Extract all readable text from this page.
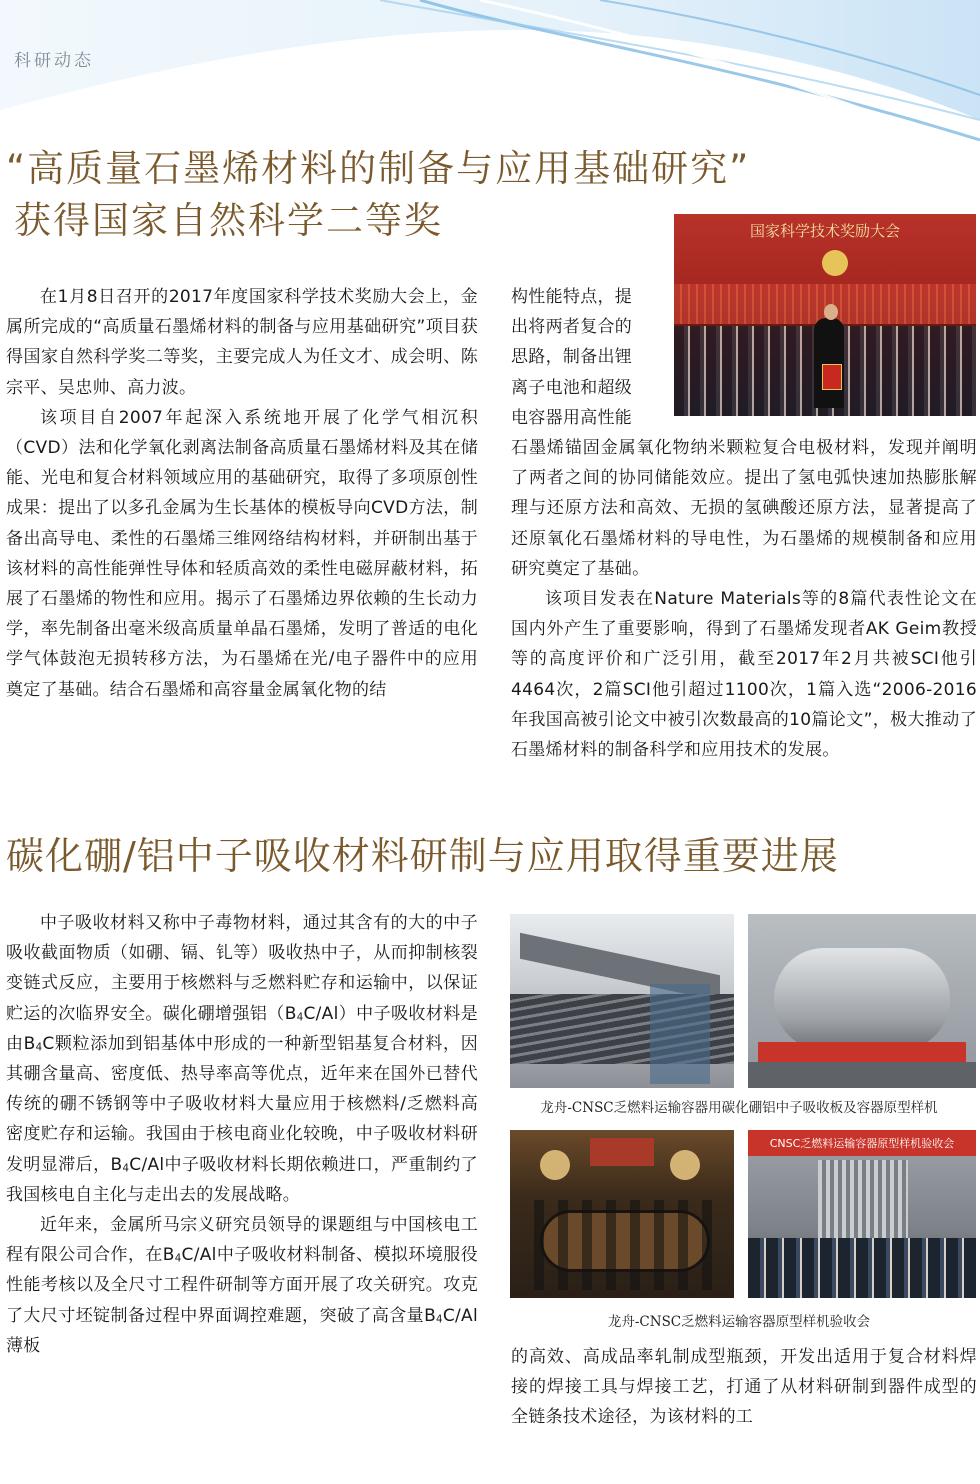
科研动态
“高质量石墨烯材料的制备与应用基础研究”
获得国家自然科学二等奖	国家科学技术奖励大会

在1月8日召开的2017年度国家科学技术奖励大会上，金属所完成的“高质量石墨烯材料的制备与应用基础研究”项目获得国家自然科学奖二等奖，主要完成人为任文才、成会明、陈宗平、吴忠帅、高力波。

该项目自2007年起深入系统地开展了化学气相沉积（CVD）法和化学氧化剥离法制备高质量石墨烯材料及其在储能、光电和复合材料领域应用的基础研究，取得了多项原创性成果：提出了以多孔金属为生长基体的模板导向CVD方法，制备出高导电、柔性的石墨烯三维网络结构材料，并研制出基于该材料的高性能弹性导体和轻质高效的柔性电磁屏蔽材料，拓展了石墨烯的物性和应用。揭示了石墨烯边界依赖的生长动力学，率先制备出毫米级高质量单晶石墨烯，发明了普适的电化学气体鼓泡无损转移方法，为石墨烯在光/电子器件中的应用奠定了基础。结合石墨烯和高容量金属氧化物的结

构性能特点，提
出将两者复合的
思路，制备出锂
离子电池和超级
电容器用高性能

石墨烯锚固金属氧化物纳米颗粒复合电极材料，发现并阐明了两者之间的协同储能效应。提出了氢电弧快速加热膨胀解理与还原方法和高效、无损的氢碘酸还原方法，显著提高了还原氧化石墨烯材料的导电性，为石墨烯的规模制备和应用研究奠定了基础。

该项目发表在Nature Materials等的8篇代表性论文在国内外产生了重要影响，得到了石墨烯发现者AK Geim教授等的高度评价和广泛引用，截至2017年2月共被SCI他引4464次，2篇SCI他引超过1100次，1篇入选“2006-2016年我国高被引论文中被引次数最高的10篇论文”，极大推动了石墨烯材料的制备科学和应用技术的发展。

碳化硼/铝中子吸收材料研制与应用取得重要进展

中子吸收材料又称中子毒物材料，通过其含有的大的中子吸收截面物质（如硼、镉、钆等）吸收热中子，从而抑制核裂变链式反应，主要用于核燃料与乏燃料贮存和运输中，以保证贮运的次临界安全。碳化硼增强铝$(B_4C/Al)$中子吸收材料是由$B_4C$颗粒添加到铝基体中形成的一种新型铝基复合材料，因其硼含量高、密度低、热导率高等优点，近年来在国外已替代传统的硼不锈钢等中子吸收材料大量应用于核燃料/乏燃料高密度贮存和运输。我国由于核电商业化较晚，中子吸收材料研发明显滞后，$B_4C/Al$中子吸收材料长期依赖进口，严重制约了我国核电自主化与走出去的发展战略。

近年来，金属所马宗义研究员领导的课题组与中国核电工程有限公司合作，在$B_4C/Al$中子吸收材料制备、模拟环境服役性能考核以及全尺寸工程件研制等方面开展了攻关研究。攻克了大尺寸坯锭制备过程中界面调控难题，突破了高含量$B_4C/Al$薄板

龙舟-CNSC乏燃料运输容器用碳化硼铝中子吸收板及容器原型样机
CNSC乏燃料运输容器原型样机验收会
龙舟-CNSC乏燃料运输容器原型样机验收会

的高效、高成品率轧制成型瓶颈，开发出适用于复合材料焊接的焊接工具与焊接工艺，打通了从材料研制到器件成型的全链条技术途径，为该材料的工
